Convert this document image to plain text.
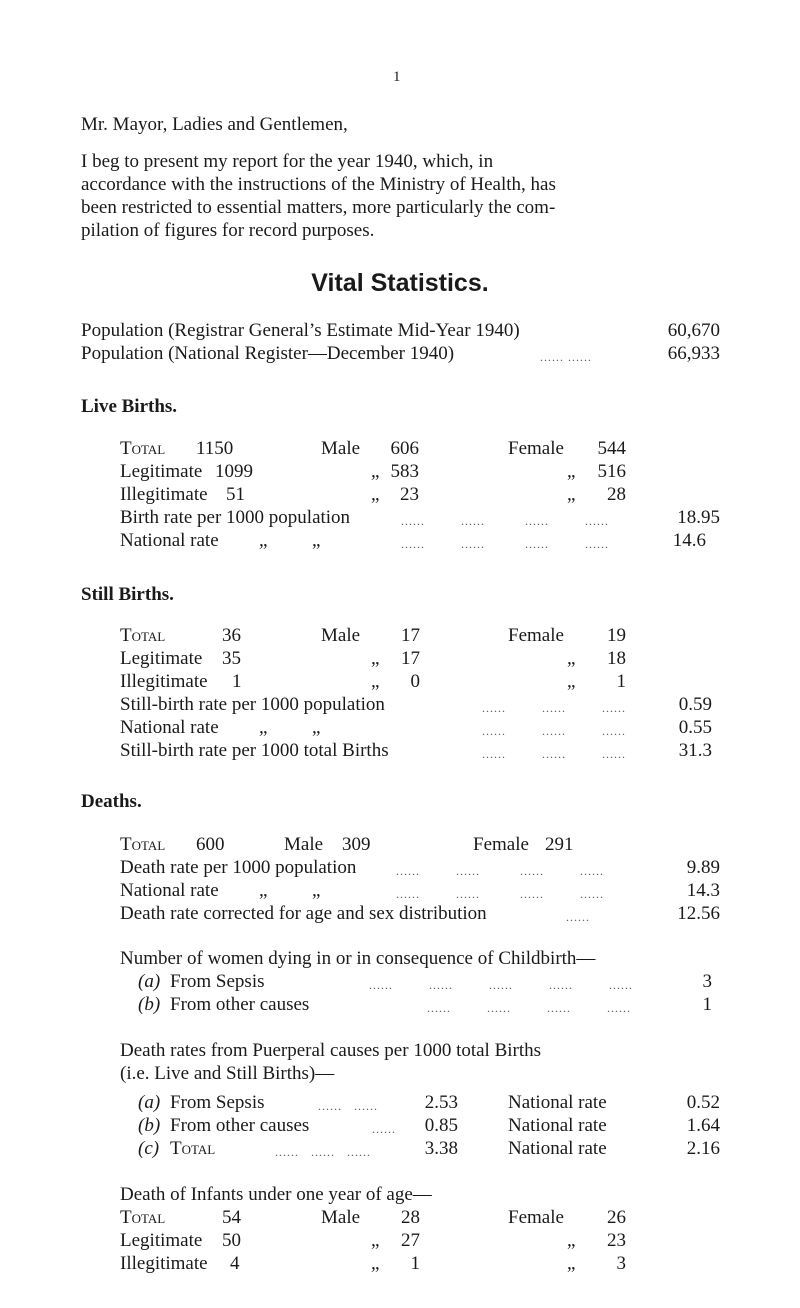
1
Mr. Mayor, Ladies and Gentlemen,
I beg to present my report for the year 1940, which, in
accordance with the instructions of the Ministry of Health, has
been restricted to essential matters, more particularly the com-
pilation of figures for record purposes.
Vital Statistics.
Population (Registrar General’s Estimate Mid-Year 1940)	60,670
Population (National Register—December 1940)	...... ......	66,933
Live Births.
Total 1150	Male	606	Female	544
Legitimate 1099	„ 583	„	516
Illegitimate 51	„	23	„	28
Birth rate per 1000 population	......         ......          ......         ......	18.95
National rate „ „	......         ......          ......         ......	14.6
Still Births.
Total	36	Male	17	Female	19
Legitimate 35	„	17	„	18
Illegitimate 1	„	0	„	1
Still-birth rate per 1000 population	......         ......         ......	0.59
National rate „ „	......         ......         ......	0.55
Still-birth rate per 1000 total Births	......         ......         ......	31.3
Deaths.
Total 600	Male 309	Female 291
Death rate per 1000 population	......         ......          ......         ......	9.89
National rate „ „	......         ......          ......         ......	14.3
Death rate corrected for age and sex distribution	......	12.56
Number of women dying in or in consequence of Childbirth—
(a) From Sepsis	......         ......         ......         ......         ......	3
(b) From other causes	......         ......         ......         ......	1
Death rates from Puerperal causes per 1000 total Births
(i.e. Live and Still Births)—
(a) From Sepsis	......   ......	2.53	National rate	0.52
(b) From other causes	......	0.85	National rate	1.64
(c) Total	......   ......   ......	3.38	National rate	2.16
Death of Infants under one year of age—
Total	54	Male	28	Female	26
Legitimate 50	„	27	„	23
Illegitimate 4	„	1	„	3
